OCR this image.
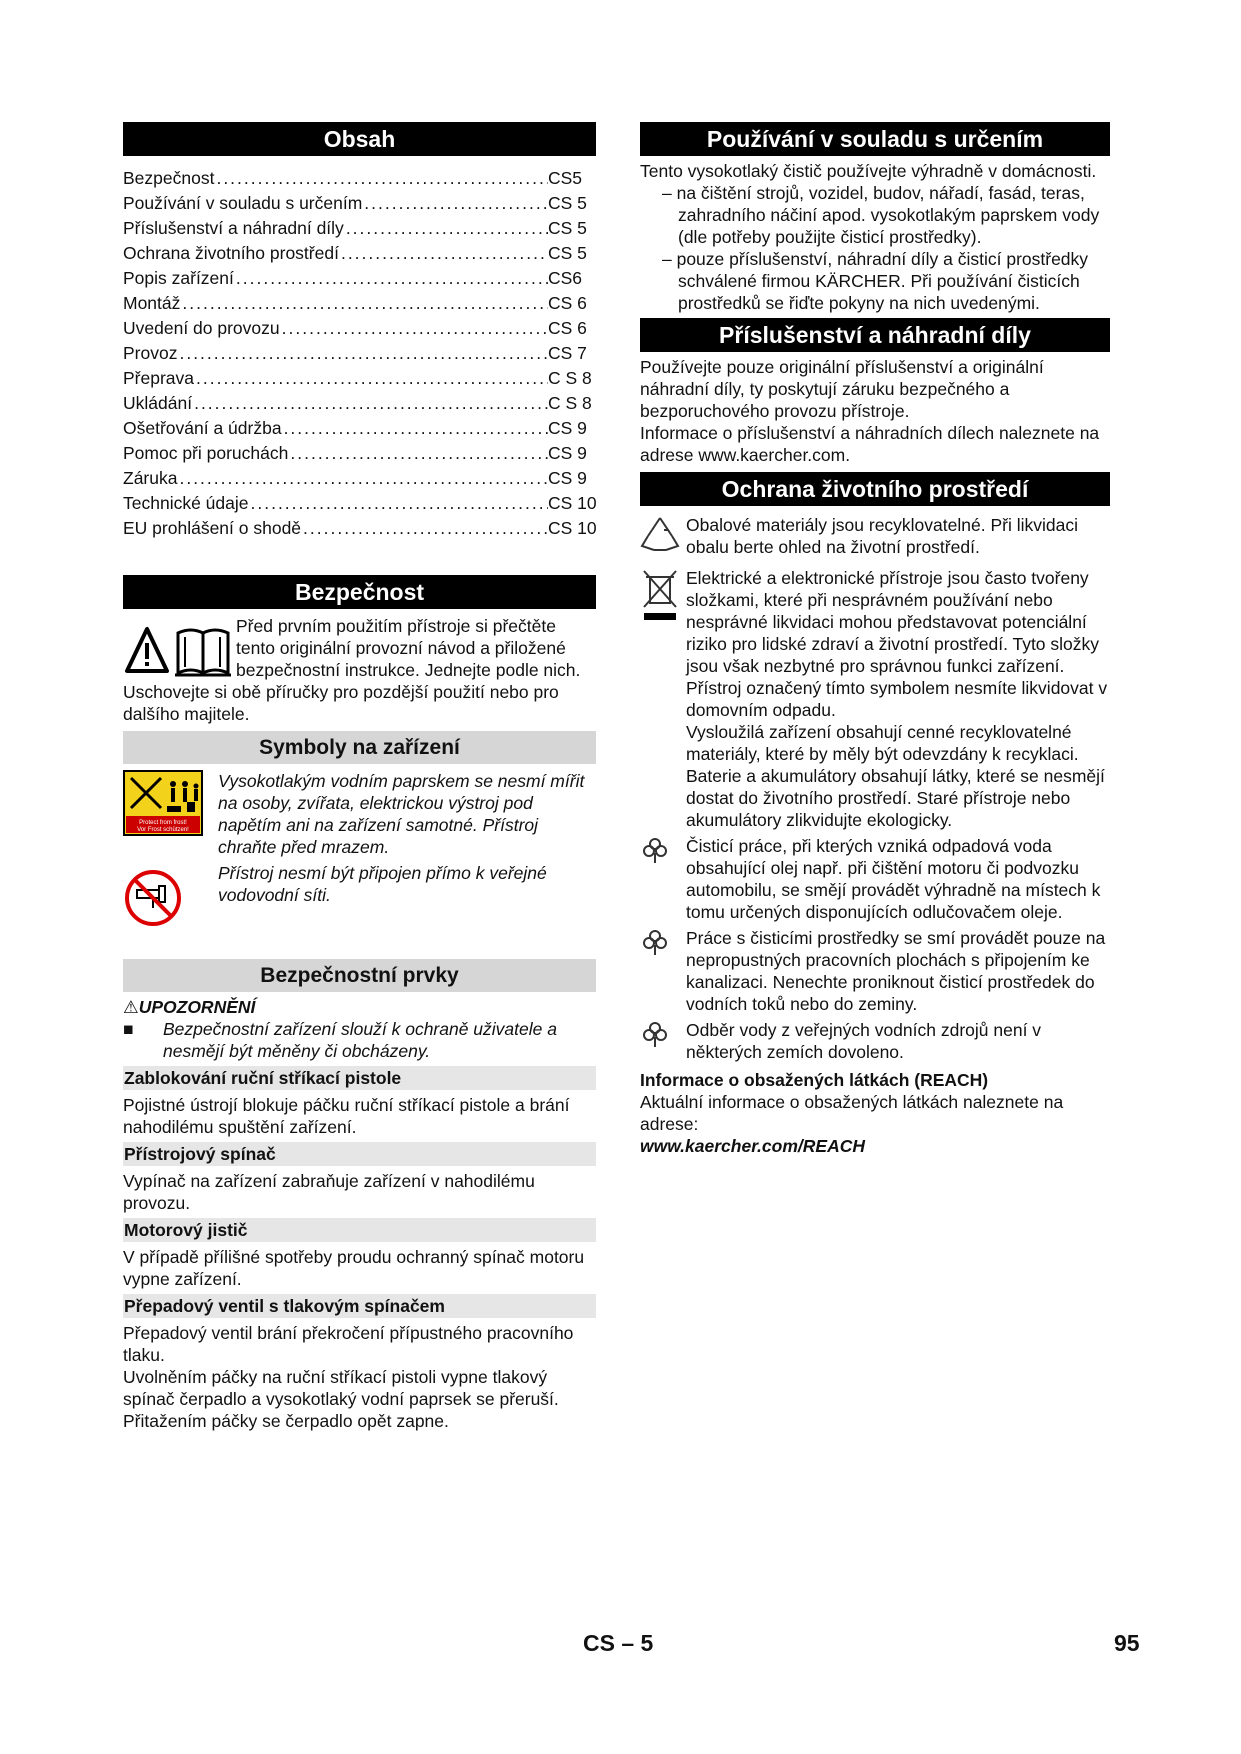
Obsah
Bezpečnost .....	CS5
Používání v souladu s určením .....	CS 5
Příslušenství a náhradní díly .....	CS 5
Ochrana životního prostředí .....	CS 5
Popis zařízení .....	CS6
Montáž .....	CS 6
Uvedení do provozu .....	CS 6
Provoz .....	CS 7
Přeprava .....	C S 8
Ukládání .....	C S 8
Ošetřování a údržba .....	CS 9
Pomoc při poruchách .....	CS 9
Záruka .....	CS 9
Technické údaje .....	CS 10
EU prohlášení o shodě .....	CS 10
Bezpečnost
Před prvním použitím přístroje si přečtěte tento originální provozní návod a přiložené bezpečnostní instrukce. Jednejte podle nich. Uschovejte si obě příručky pro pozdější použití nebo pro dalšího majitele.
Symboly na zařízení
Protect from frost!
Vor Frost schützen!
Vysokotlakým vodním paprskem se nesmí mířit na osoby, zvířata, elektrickou výstroj pod napětím ani na zařízení samotné. Přístroj chraňte před mrazem.
Přístroj nesmí být připojen přímo k veřejné vodovodní síti.
Bezpečnostní prvky
⚠UPOZORNĚNÍ
■	Bezpečnostní zařízení slouží k ochraně uživatele a nesmějí být měněny či obcházeny.
Zablokování ruční stříkací pistole
Pojistné ústrojí blokuje páčku ruční stříkací pistole a brání nahodilému spuštění zařízení.
Přístrojový spínač
Vypínač na zařízení zabraňuje zařízení v nahodilému provozu.
Motorový jistič
V případě přílišné spotřeby proudu ochranný spínač motoru vypne zařízení.
Přepadový ventil s tlakovým spínačem
Přepadový ventil brání překročení přípustného pracovního tlaku.
Uvolněním páčky na ruční stříkací pistoli vypne tlakový spínač čerpadlo a vysokotlaký vodní paprsek se přeruší. Přitažením páčky se čerpadlo opět zapne.
Používání v souladu s určením
Tento vysokotlaký čistič používejte výhradně v domácnosti.
– na čištění strojů, vozidel, budov, nářadí, fasád, teras, zahradního náčiní apod. vysokotlakým paprskem vody (dle potřeby použijte čisticí prostředky).
– pouze příslušenství, náhradní díly a čisticí prostředky schválené firmou KÄRCHER. Při používání čisticích prostředků se řiďte pokyny na nich uvedenými.
Příslušenství a náhradní díly
Používejte pouze originální příslušenství a originální náhradní díly, ty poskytují záruku bezpečného a bezporuchového provozu přístroje.
Informace o příslušenství a náhradních dílech naleznete na adrese www.kaercher.com.
Ochrana životního prostředí
Obalové materiály jsou recyklovatelné. Při likvidaci obalu berte ohled na životní prostředí.
Elektrické a elektronické přístroje jsou často tvořeny složkami, které při nesprávném používání nebo nesprávné likvidaci mohou představovat potenciální riziko pro lidské zdraví a životní prostředí. Tyto složky jsou však nezbytné pro správnou funkci zařízení. Přístroj označený tímto symbolem nesmíte likvidovat v domovním odpadu.
Vysloužilá zařízení obsahují cenné recyklovatelné materiály, které by měly být odevzdány k recyklaci. Baterie a akumulátory obsahují látky, které se nesmějí dostat do životního prostředí. Staré přístroje nebo akumulátory zlikvidujte ekologicky.
Čisticí práce, při kterých vzniká odpadová voda obsahující olej např. při čištění motoru či podvozku automobilu, se smějí provádět výhradně na místech k tomu určených disponujících odlučovačem oleje.
Práce s čisticími prostředky se smí provádět pouze na nepropustných pracovních plochách s připojením ke kanalizaci. Nenechte proniknout čisticí prostředek do vodních toků nebo do zeminy.
Odběr vody z veřejných vodních zdrojů není v některých zemích dovoleno.
Informace o obsažených látkách (REACH)
Aktuální informace o obsažených látkách naleznete na adrese:
www.kaercher.com/REACH
CS – 5	95
